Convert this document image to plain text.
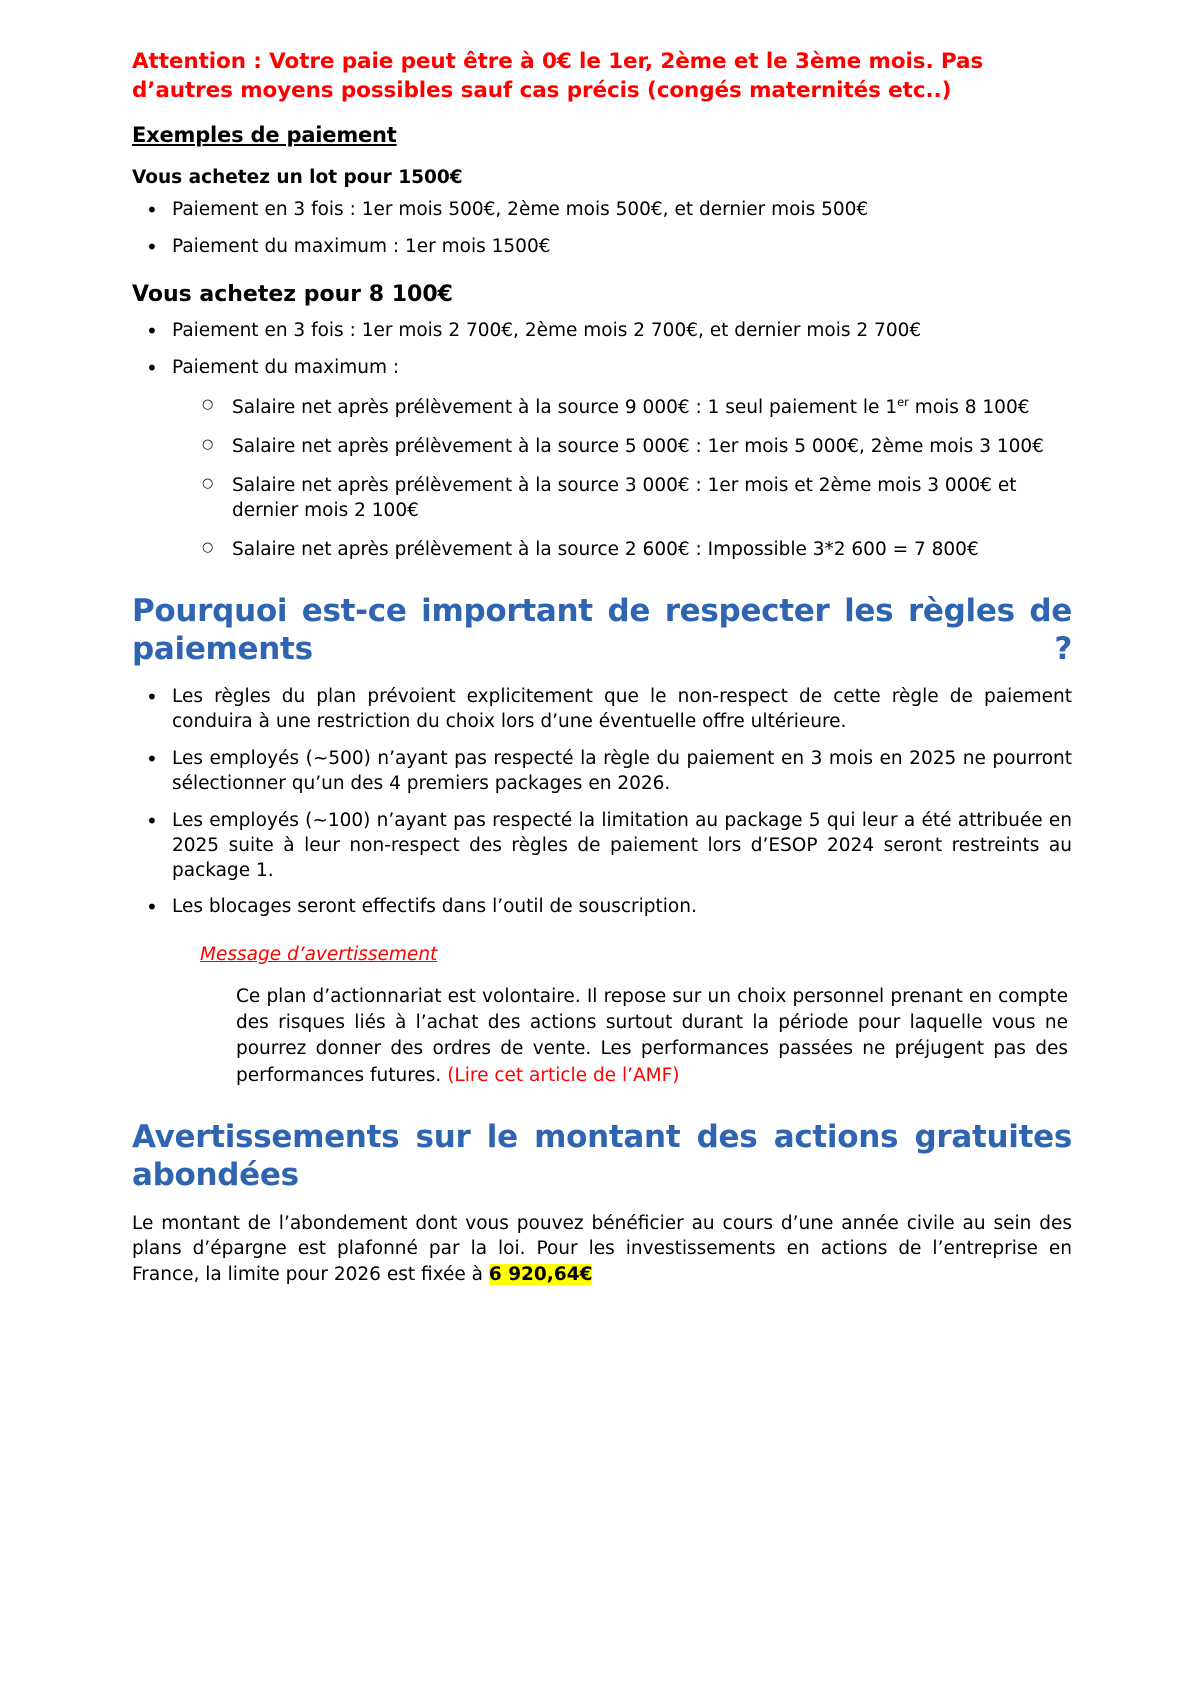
Attention : Votre paie peut être à 0€ le 1er, 2ème et le 3ème mois. Pas d’autres moyens possibles sauf cas précis (congés maternités etc..)

Exemples de paiement
Vous achetez un lot pour 1500€
• Paiement en 3 fois : 1er mois 500€, 2ème mois 500€, et dernier mois 500€
• Paiement du maximum : 1er mois 1500€
Vous achetez pour 8 100€
• Paiement en 3 fois : 1er mois 2 700€, 2ème mois 2 700€, et dernier mois 2 700€
• Paiement du maximum :
○ Salaire net après prélèvement à la source 9 000€ : 1 seul paiement le 1er mois 8 100€
○ Salaire net après prélèvement à la source 5 000€ : 1er mois 5 000€, 2ème mois 3 100€
○ Salaire net après prélèvement à la source 3 000€ : 1er mois et 2ème mois 3 000€ et dernier mois 2 100€
○ Salaire net après prélèvement à la source 2 600€ : Impossible 3*2 600 = 7 800€
Pourquoi est-ce important de respecter les règles de paiements ?
• Les règles du plan prévoient explicitement que le non-respect de cette règle de paiement conduira à une restriction du choix lors d’une éventuelle offre ultérieure.
• Les employés (~500) n’ayant pas respecté la règle du paiement en 3 mois en 2025 ne pourront sélectionner qu’un des 4 premiers packages en 2026.
• Les employés (~100) n’ayant pas respecté la limitation au package 5 qui leur a été attribuée en 2025 suite à leur non-respect des règles de paiement lors d’ESOP 2024 seront restreints au package 1.
• Les blocages seront effectifs dans l’outil de souscription.

Message d’avertissement

Ce plan d’actionnariat est volontaire. Il repose sur un choix personnel prenant en compte des risques liés à l’achat des actions surtout durant la période pour laquelle vous ne pourrez donner des ordres de vente. Les performances passées ne préjugent pas des performances futures. (Lire cet article de l’AMF)

Avertissements sur le montant des actions gratuites abondées

Le montant de l’abondement dont vous pouvez bénéficier au cours d’une année civile au sein des plans d’épargne est plafonné par la loi. Pour les investissements en actions de l’entreprise en France, la limite pour 2026 est fixée à 6 920,64€
